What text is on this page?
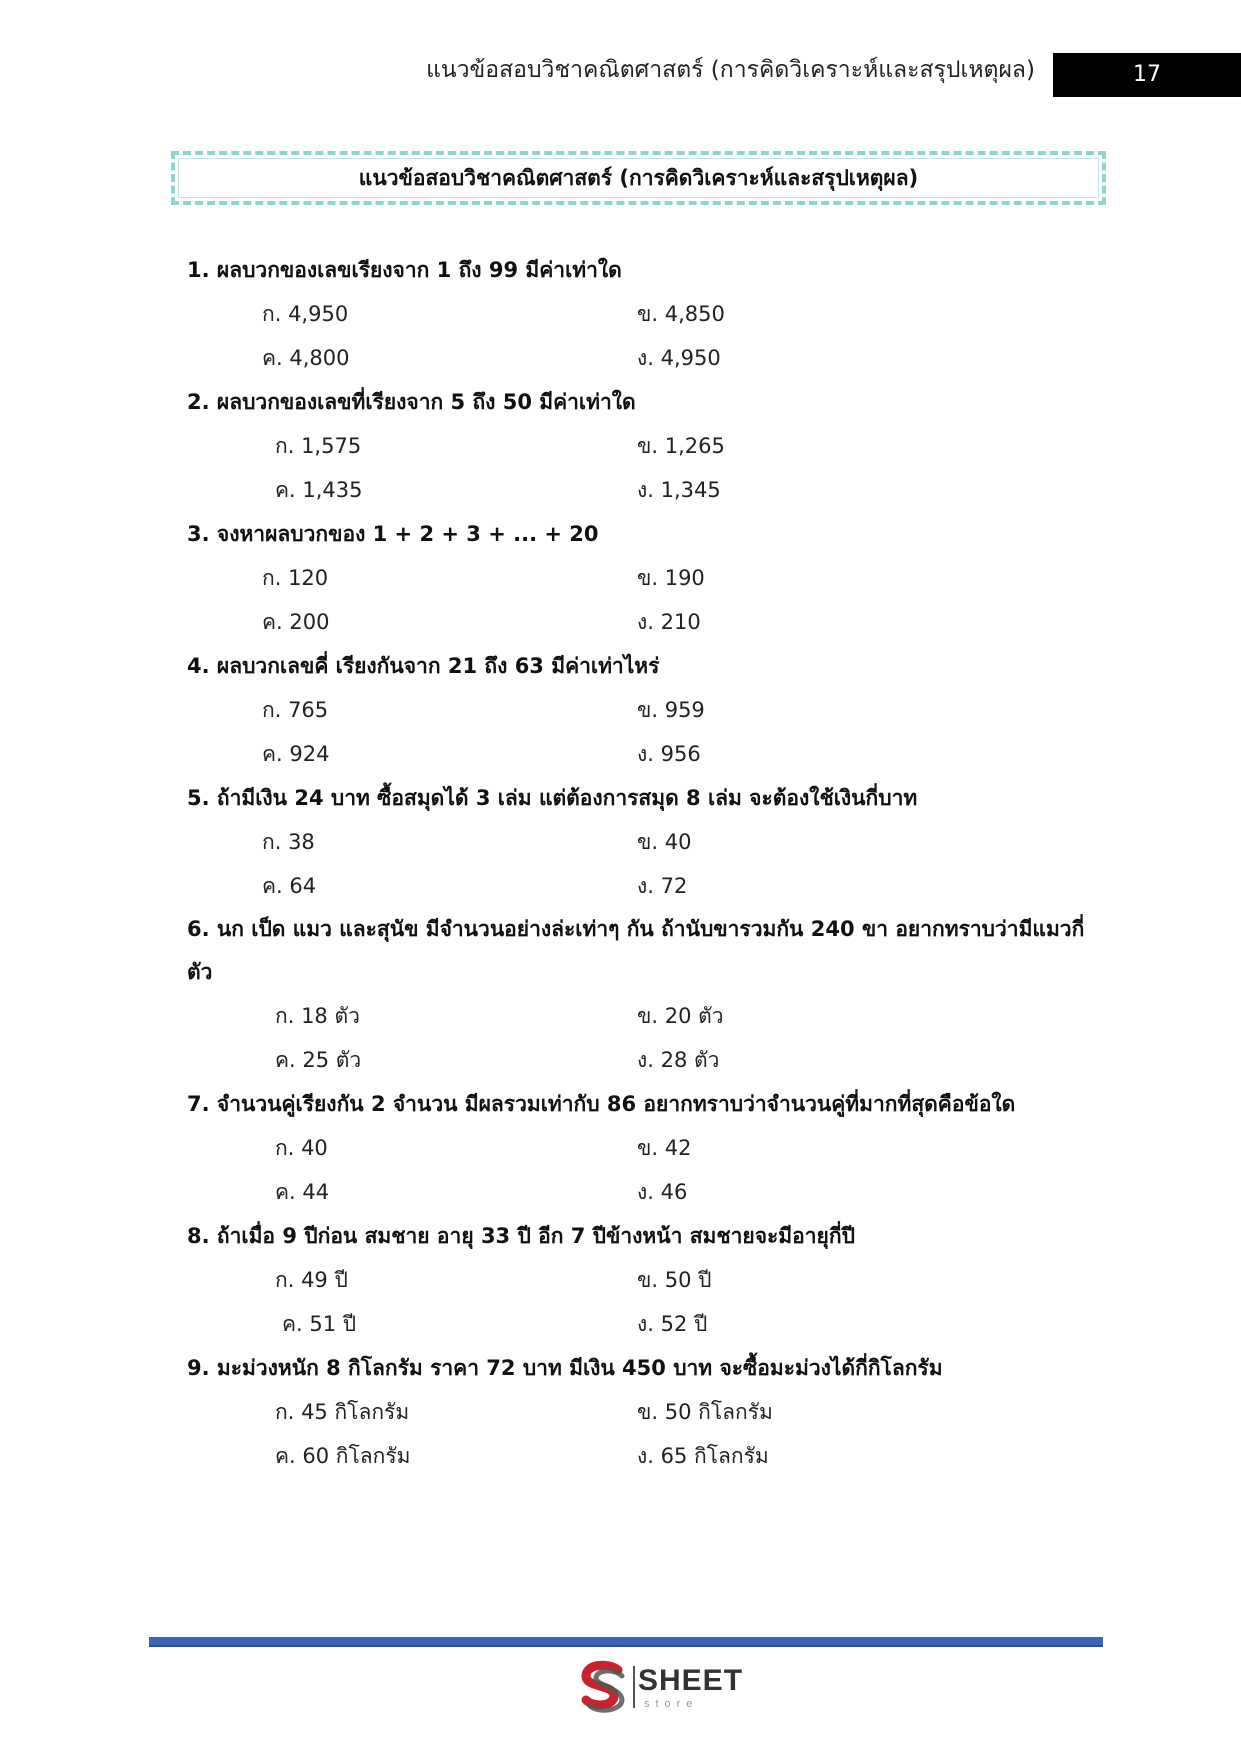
แนวข้อสอบวิชาคณิตศาสตร์ (การคิดวิเคราะห์และสรุปเหตุผล)	17
แนวข้อสอบวิชาคณิตศาสตร์ (การคิดวิเคราะห์และสรุปเหตุผล)
1. ผลบวกของเลขเรียงจาก 1 ถึง 99 มีค่าเท่าใด
ก. 4,950	ข. 4,850
ค. 4,800	ง. 4,950
2. ผลบวกของเลขที่เรียงจาก 5 ถึง 50 มีค่าเท่าใด
ก. 1,575	ข. 1,265
ค. 1,435	ง. 1,345
3. จงหาผลบวกของ 1 + 2 + 3 + ... + 20
ก. 120	ข. 190
ค. 200	ง. 210
4. ผลบวกเลขคี่ เรียงกันจาก 21 ถึง 63 มีค่าเท่าไหร่
ก. 765	ข. 959
ค. 924	ง. 956
5. ถ้ามีเงิน 24 บาท ซื้อสมุดได้ 3 เล่ม แต่ต้องการสมุด 8 เล่ม จะต้องใช้เงินกี่บาท
ก. 38	ข. 40
ค. 64	ง. 72
6. นก เป็ด แมว และสุนัข มีจำนวนอย่างล่ะเท่าๆ กัน ถ้านับขารวมกัน 240 ขา อยากทราบว่ามีแมวกี่
ตัว
ก. 18 ตัว	ข. 20 ตัว
ค. 25 ตัว	ง. 28 ตัว
7. จำนวนคู่เรียงกัน 2 จำนวน มีผลรวมเท่ากับ 86 อยากทราบว่าจำนวนคู่ที่มากที่สุดคือข้อใด
ก. 40	ข. 42
ค. 44	ง. 46
8. ถ้าเมื่อ 9 ปีก่อน สมชาย อายุ 33 ปี อีก 7 ปีข้างหน้า สมชายจะมีอายุกี่ปี
ก. 49 ปี	ข. 50 ปี
ค. 51 ปี	ง. 52 ปี
9. มะม่วงหนัก 8 กิโลกรัม ราคา 72 บาท มีเงิน 450 บาท จะซื้อมะม่วงได้กี่กิโลกรัม
ก. 45 กิโลกรัม	ข. 50 กิโลกรัม
ค. 60 กิโลกรัม	ง. 65 กิโลกรัม
SHEET
store
